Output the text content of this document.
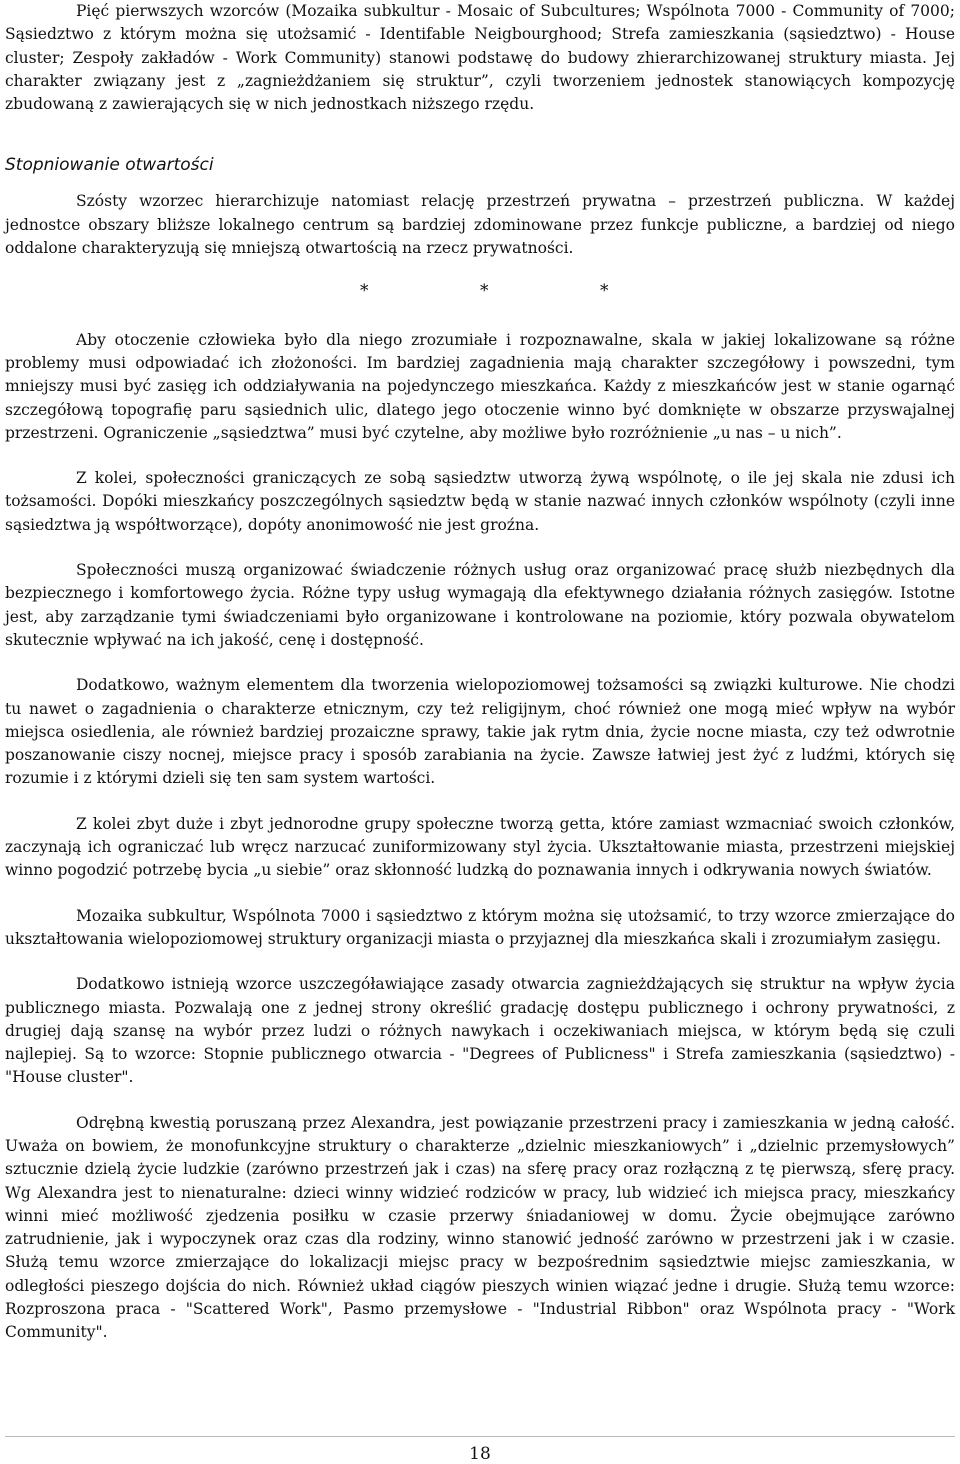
Pięć pierwszych wzorców (Mozaika subkultur - Mosaic of Subcultures; Wspólnota 7000 - Community of 7000; Sąsiedztwo z którym można się utożsamić - Identifable Neigbourghood; Strefa zamieszkania (sąsiedztwo) - House cluster; Zespoły zakładów - Work Community) stanowi podstawę do budowy zhierarchizowanej struktury miasta. Jej charakter związany jest z „zagnieżdżaniem się struktur”, czyli tworzeniem jednostek stanowiących kompozycję zbudowaną z zawierających się w nich jednostkach niższego rzędu.

Stopniowanie otwartości

Szósty wzorzec hierarchizuje natomiast relację przestrzeń prywatna – przestrzeń publiczna. W każdej jednostce obszary bliższe lokalnego centrum są bardziej zdominowane przez funkcje publiczne, a bardziej od niego oddalone charakteryzują się mniejszą otwartością na rzecz prywatności.

*	*	*

Aby otoczenie człowieka było dla niego zrozumiałe i rozpoznawalne, skala w jakiej lokalizowane są różne problemy musi odpowiadać ich złożoności. Im bardziej zagadnienia mają charakter szczegółowy i powszedni, tym mniejszy musi być zasięg ich oddziaływania na pojedynczego mieszkańca. Każdy z mieszkańców jest w stanie ogarnąć szczegółową topografię paru sąsiednich ulic, dlatego jego otoczenie winno być domknięte w obszarze przyswajalnej przestrzeni. Ograniczenie „sąsiedztwa” musi być czytelne, aby możliwe było rozróżnienie „u nas – u nich”.

Z kolei, społeczności graniczących ze sobą sąsiedztw utworzą żywą wspólnotę, o ile jej skala nie zdusi ich tożsamości. Dopóki mieszkańcy poszczególnych sąsiedztw będą w stanie nazwać innych członków wspólnoty (czyli inne sąsiedztwa ją współtworzące), dopóty anonimowość nie jest groźna.

Społeczności muszą organizować świadczenie różnych usług oraz organizować pracę służb niezbędnych dla bezpiecznego i komfortowego życia. Różne typy usług wymagają dla efektywnego działania różnych zasięgów. Istotne jest, aby zarządzanie tymi świadczeniami było organizowane i kontrolowane na poziomie, który pozwala obywatelom skutecznie wpływać na ich jakość, cenę i dostępność.

Dodatkowo, ważnym elementem dla tworzenia wielopoziomowej tożsamości są związki kulturowe. Nie chodzi tu nawet o zagadnienia o charakterze etnicznym, czy też religijnym, choć również one mogą mieć wpływ na wybór miejsca osiedlenia, ale również bardziej prozaiczne sprawy, takie jak rytm dnia, życie nocne miasta, czy też odwrotnie poszanowanie ciszy nocnej, miejsce pracy i sposób zarabiania na życie. Zawsze łatwiej jest żyć z ludźmi, których się rozumie i z którymi dzieli się ten sam system wartości.

Z kolei zbyt duże i zbyt jednorodne grupy społeczne tworzą getta, które zamiast wzmacniać swoich członków, zaczynają ich ograniczać lub wręcz narzucać zuniformizowany styl życia. Ukształtowanie miasta, przestrzeni miejskiej winno pogodzić potrzebę bycia „u siebie” oraz skłonność ludzką do poznawania innych i odkrywania nowych światów.

Mozaika subkultur, Wspólnota 7000 i sąsiedztwo z którym można się utożsamić, to trzy wzorce zmierzające do ukształtowania wielopoziomowej struktury organizacji miasta o przyjaznej dla mieszkańca skali i zrozumiałym zasięgu.

Dodatkowo istnieją wzorce uszczegóławiające zasady otwarcia zagnieżdżających się struktur na wpływ życia publicznego miasta. Pozwalają one z jednej strony określić gradację dostępu publicznego i ochrony prywatności, z drugiej dają szansę na wybór przez ludzi o różnych nawykach i oczekiwaniach miejsca, w którym będą się czuli najlepiej. Są to wzorce: Stopnie publicznego otwarcia - "Degrees of Publicness" i Strefa zamieszkania (sąsiedztwo) - "House cluster".

Odrębną kwestią poruszaną przez Alexandra, jest powiązanie przestrzeni pracy i zamieszkania w jedną całość. Uważa on bowiem, że monofunkcyjne struktury o charakterze „dzielnic mieszkaniowych” i „dzielnic przemysłowych” sztucznie dzielą życie ludzkie (zarówno przestrzeń jak i czas) na sferę pracy oraz rozłączną z tę pierwszą, sferę pracy. Wg Alexandra jest to nienaturalne: dzieci winny widzieć rodziców w pracy, lub widzieć ich miejsca pracy, mieszkańcy winni mieć możliwość zjedzenia posiłku w czasie przerwy śniadaniowej w domu. Życie obejmujące zarówno zatrudnienie, jak i wypoczynek oraz czas dla rodziny, winno stanowić jedność zarówno w przestrzeni jak i w czasie. Służą temu wzorce zmierzające do lokalizacji miejsc pracy w bezpośrednim sąsiedztwie miejsc zamieszkania, w odległości pieszego dojścia do nich. Również układ ciągów pieszych winien wiązać jedne i drugie. Służą temu wzorce: Rozproszona praca - "Scattered Work", Pasmo przemysłowe - "Industrial Ribbon" oraz Wspólnota pracy - "Work Community".

18
